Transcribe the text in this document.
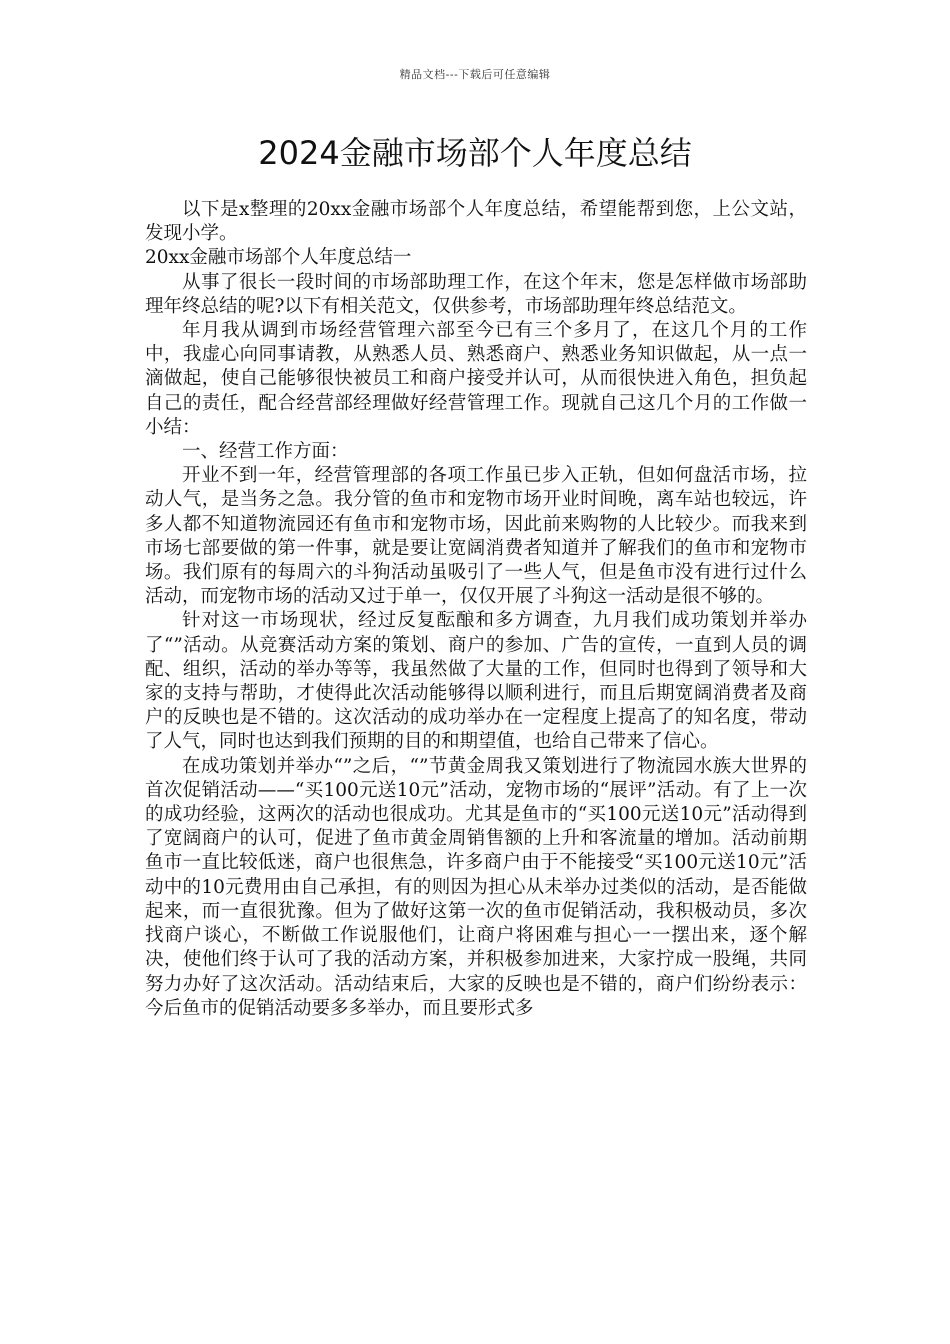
精品文档---下载后可任意编辑
2024金融市场部个人年度总结

以下是x整理的20xx金融市场部个人年度总结，希望能帮到您，上公文站，发现小学。

20xx金融市场部个人年度总结一

从事了很长一段时间的市场部助理工作，在这个年末，您是怎样做市场部助理年终总结的呢?以下有相关范文，仅供参考，市场部助理年终总结范文。

年月我从调到市场经营管理六部至今已有三个多月了，在这几个月的工作中，我虚心向同事请教，从熟悉人员、熟悉商户、熟悉业务知识做起，从一点一滴做起，使自己能够很快被员工和商户接受并认可，从而很快进入角色，担负起自己的责任，配合经营部经理做好经营管理工作。现就自己这几个月的工作做一小结：

一、经营工作方面：

开业不到一年，经营管理部的各项工作虽已步入正轨，但如何盘活市场，拉动人气，是当务之急。我分管的鱼市和宠物市场开业时间晚，离车站也较远，许多人都不知道物流园还有鱼市和宠物市场，因此前来购物的人比较少。而我来到市场七部要做的第一件事，就是要让宽阔消费者知道并了解我们的鱼市和宠物市场。我们原有的每周六的斗狗活动虽吸引了一些人气，但是鱼市没有进行过什么活动，而宠物市场的活动又过于单一，仅仅开展了斗狗这一活动是很不够的。

针对这一市场现状，经过反复酝酿和多方调查，九月我们成功策划并举办了“”活动。从竞赛活动方案的策划、商户的参加、广告的宣传，一直到人员的调配、组织，活动的举办等等，我虽然做了大量的工作，但同时也得到了领导和大家的支持与帮助，才使得此次活动能够得以顺利进行，而且后期宽阔消费者及商户的反映也是不错的。这次活动的成功举办在一定程度上提高了的知名度，带动了人气，同时也达到我们预期的目的和期望值，也给自己带来了信心。

在成功策划并举办“”之后，“”节黄金周我又策划进行了物流园水族大世界的首次促销活动——“买100元送10元”活动，宠物市场的“展评”活动。有了上一次的成功经验，这两次的活动也很成功。尤其是鱼市的“买100元送10元”活动得到了宽阔商户的认可，促进了鱼市黄金周销售额的上升和客流量的增加。活动前期鱼市一直比较低迷，商户也很焦急，许多商户由于不能接受“买100元送10元”活动中的10元费用由自己承担，有的则因为担心从未举办过类似的活动，是否能做起来，而一直很犹豫。但为了做好这第一次的鱼市促销活动，我积极动员，多次找商户谈心，不断做工作说服他们，让商户将困难与担心一一摆出来，逐个解决，使他们终于认可了我的活动方案，并积极参加进来，大家拧成一股绳，共同努力办好了这次活动。活动结束后，大家的反映也是不错的，商户们纷纷表示：今后鱼市的促销活动要多多举办，而且要形式多
